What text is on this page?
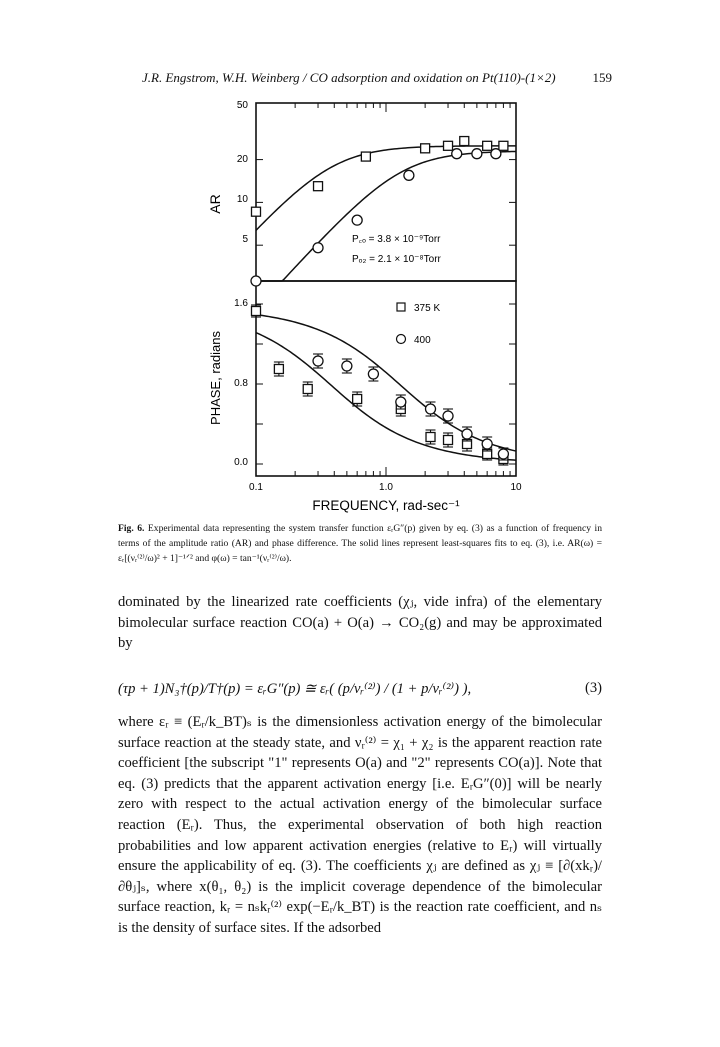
J.R. Engstrom, W.H. Weinberg / CO adsorption and oxidation on Pt(110)-(1×2)	159
50
20
10
5
1.6
0.8
0.0
0.1	1.0	10
AR
PHASE, radians
FREQUENCY, rad-sec⁻¹
P꜀ₒ = 3.8 × 10⁻⁹Torr
Pₒ₂ = 2.1 × 10⁻⁸Torr
375 K
400
Fig. 6. Experimental data representing the system transfer function εᵣG″(p) given by eq. (3) as a function of frequency in terms of the amplitude ratio (AR) and phase difference. The solid lines represent least-squares fits to eq. (3), i.e. AR(ω) = εᵣ[(νᵣ⁽²⁾/ω)² + 1]⁻¹ᐟ² and φ(ω) = tan⁻¹(νᵣ⁽²⁾/ω).

dominated by the linearized rate coefficients (χⱼ, vide infra) of the elementary bimolecular surface reaction CO(a) + O(a) → CO₂(g) and may be approximated by

(τp + 1)N₃†(p)/T†(p) = εᵣG″(p) ≅ εᵣ( (p/νᵣ⁽²⁾) / (1 + p/νᵣ⁽²⁾) ),	(3)

where εᵣ ≡ (Eᵣ/k_BT)ₛ is the dimensionless activation energy of the bimolecular surface reaction at the steady state, and νᵣ⁽²⁾ = χ₁ + χ₂ is the apparent reaction rate coefficient [the subscript "1" represents O(a) and "2" represents CO(a)]. Note that eq. (3) predicts that the apparent activation energy [i.e. EᵣG″(0)] will be nearly zero with respect to the actual activation energy of the bimolecular surface reaction (Eᵣ). Thus, the experimental observation of both high reaction probabilities and low apparent activation energies (relative to Eᵣ) will virtually ensure the applicability of eq. (3). The coefficients χⱼ are defined as χⱼ ≡ [∂(xkᵣ)/∂θⱼ]ₛ, where x(θ₁, θ₂) is the implicit coverage dependence of the bimolecular surface reaction, kᵣ = nₛkᵣ⁽²⁾ exp(−Eᵣ/k_BT) is the reaction rate coefficient, and nₛ is the density of surface sites. If the adsorbed
